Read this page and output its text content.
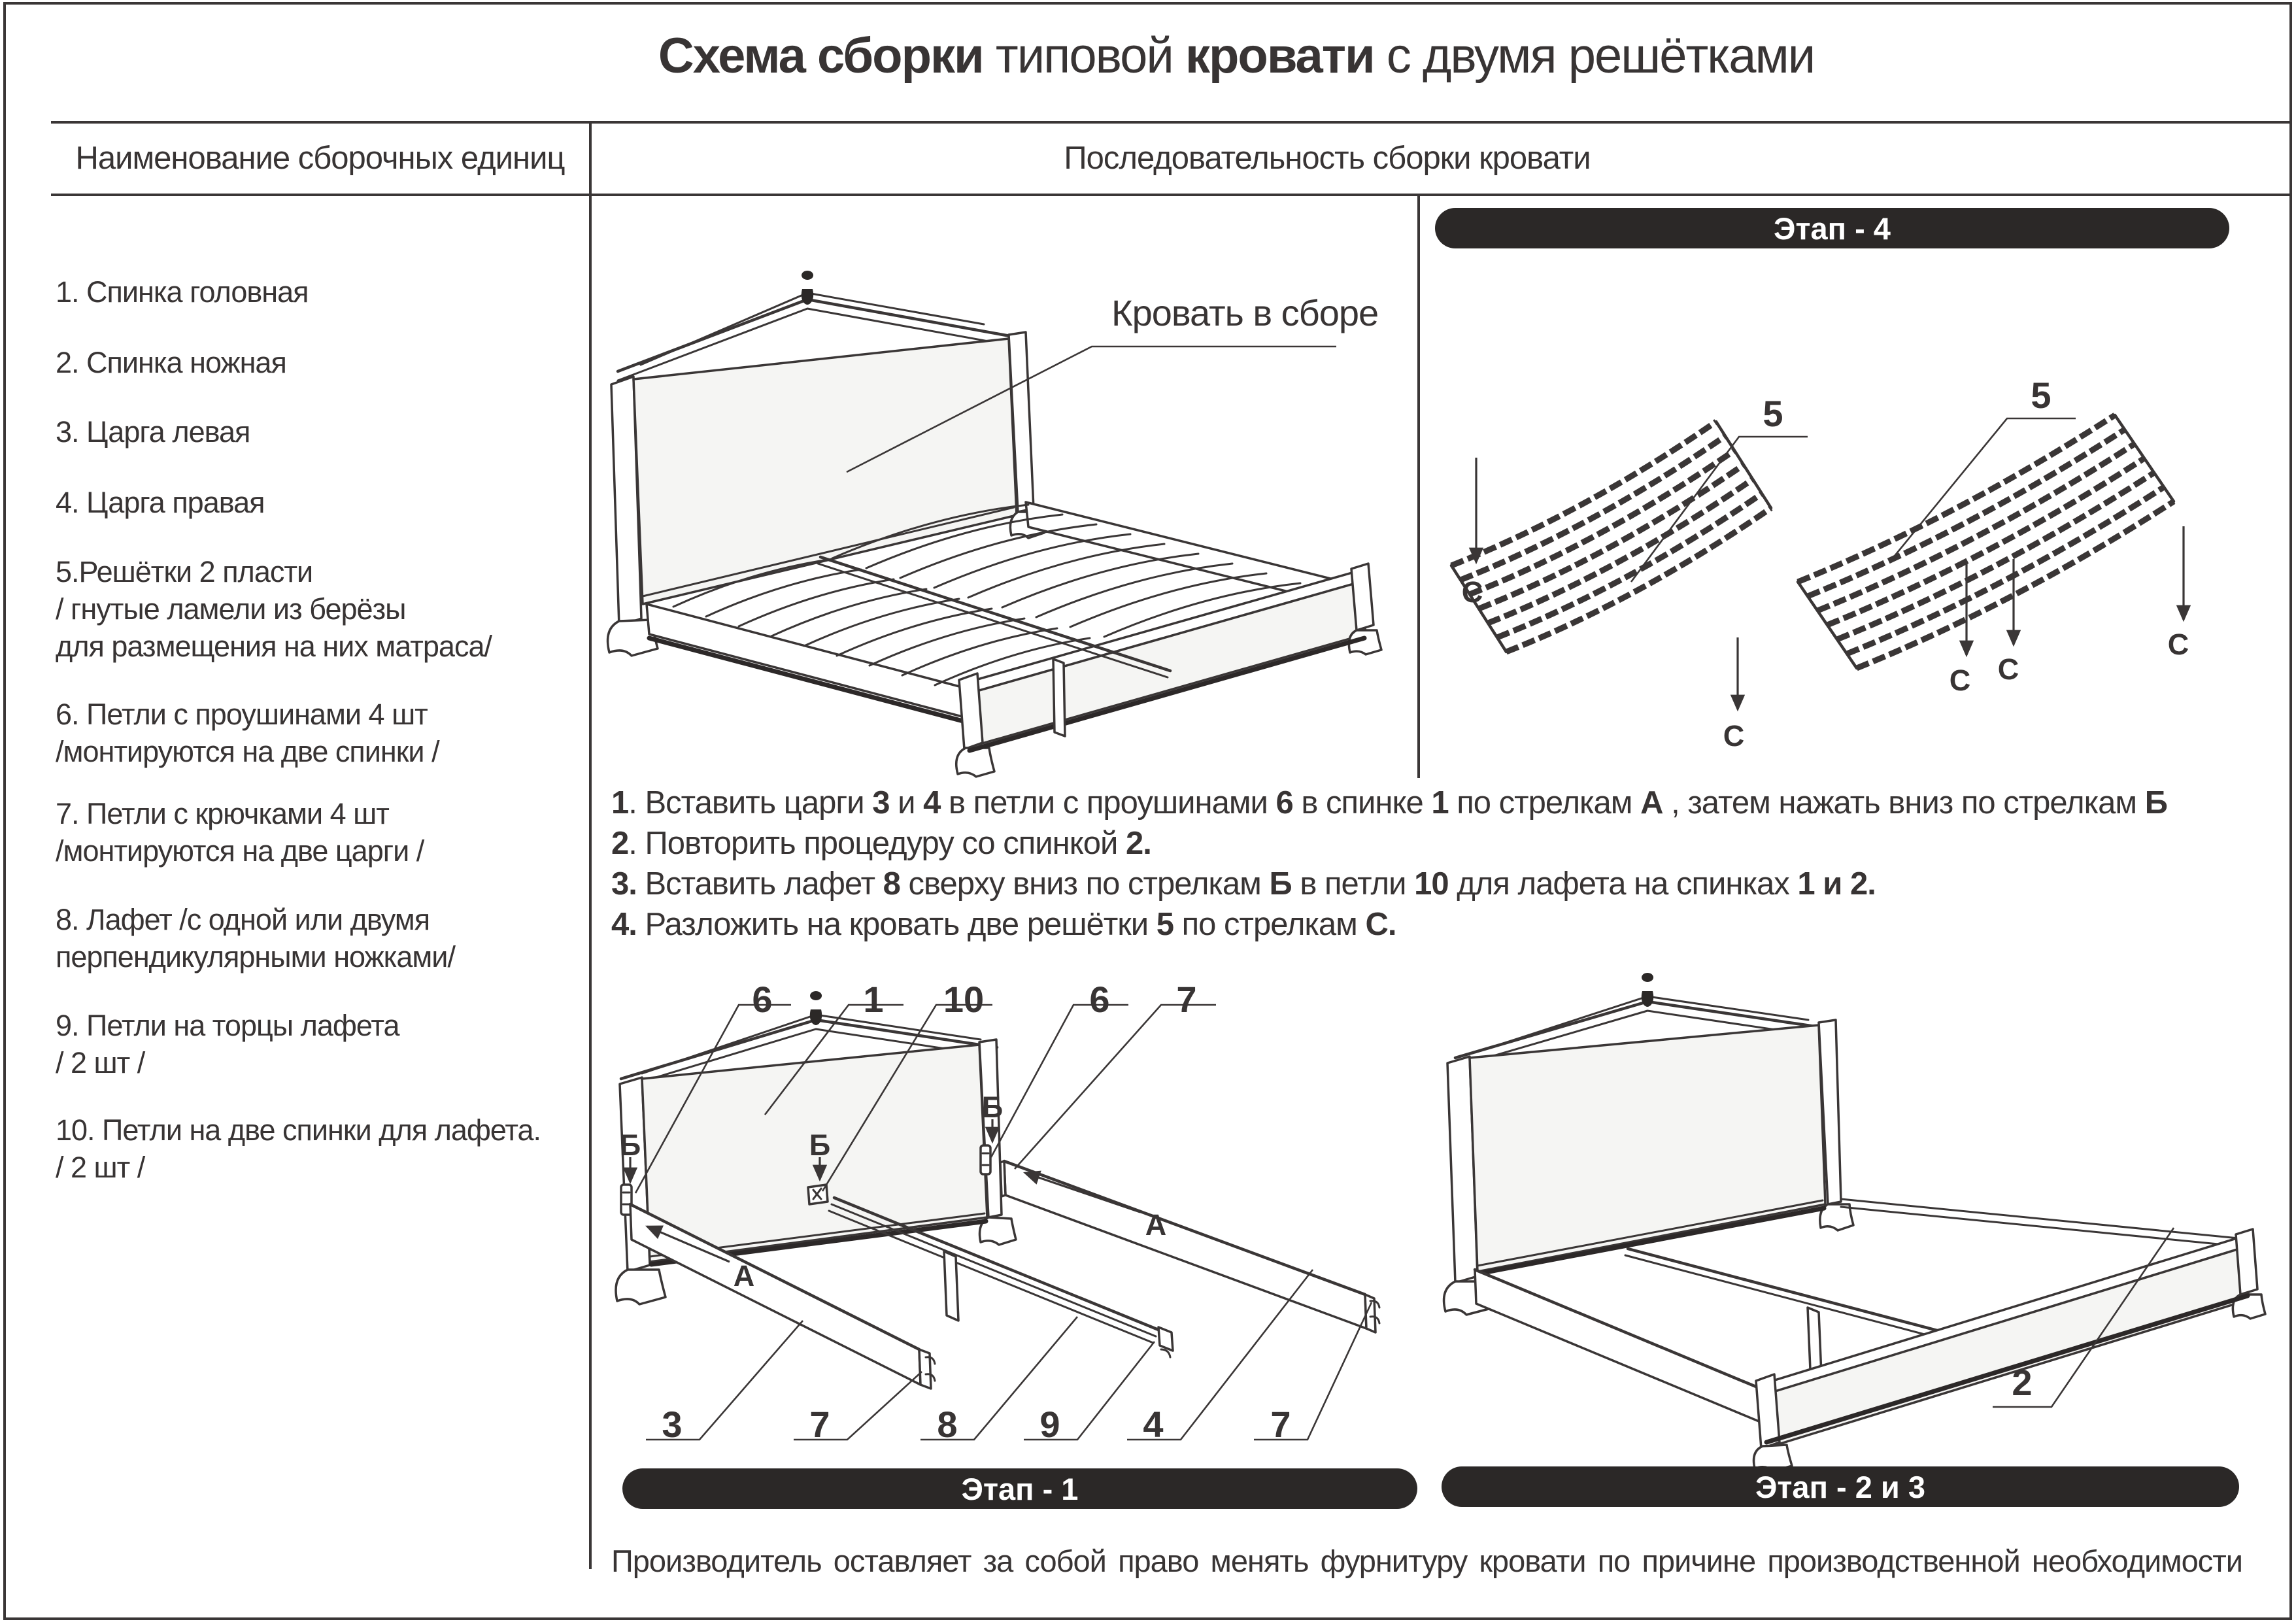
Схема сборки типовой кровати с двумя решётками
Наименование сборочных единиц	Последовательность сборки кровати
1. Спинка головная
2. Спинка ножная
3. Царга левая
4. Царга правая
5.Решётки 2 пласти
/ гнутые ламели из берёзы
для размещения на них матраса/
6. Петли с проушинами 4 шт
/монтируются на две спинки /
7. Петли с крючками 4 шт
/монтируются на две царги /
8. Лафет /с одной или двумя
перпендикулярными ножками/
9. Петли на торцы лафета
/ 2 шт /
10. Петли на две спинки для лафета.
/ 2 шт /
Кровать в сборе
Этап - 4
5	5
С
С
С С
С
1. Вставить царги 3 и 4 в петли с проушинами 6 в спинке 1 по стрелкам А , затем нажать вниз по стрелкам Б
2. Повторить процедуру со спинкой 2.
3. Вставить лафет 8 сверху вниз по стрелкам Б в петли 10 для лафета на спинках 1 и 2.
4. Разложить на кровать две решётки 5 по стрелкам С.
6	1	10	6	7
Б	Б
Б
А
А
3	7	8	9	4	7
Этап - 1
2
Этап - 2 и 3
Производитель оставляет за собой право менять фурнитуру кровати по причине производственной необходимости
